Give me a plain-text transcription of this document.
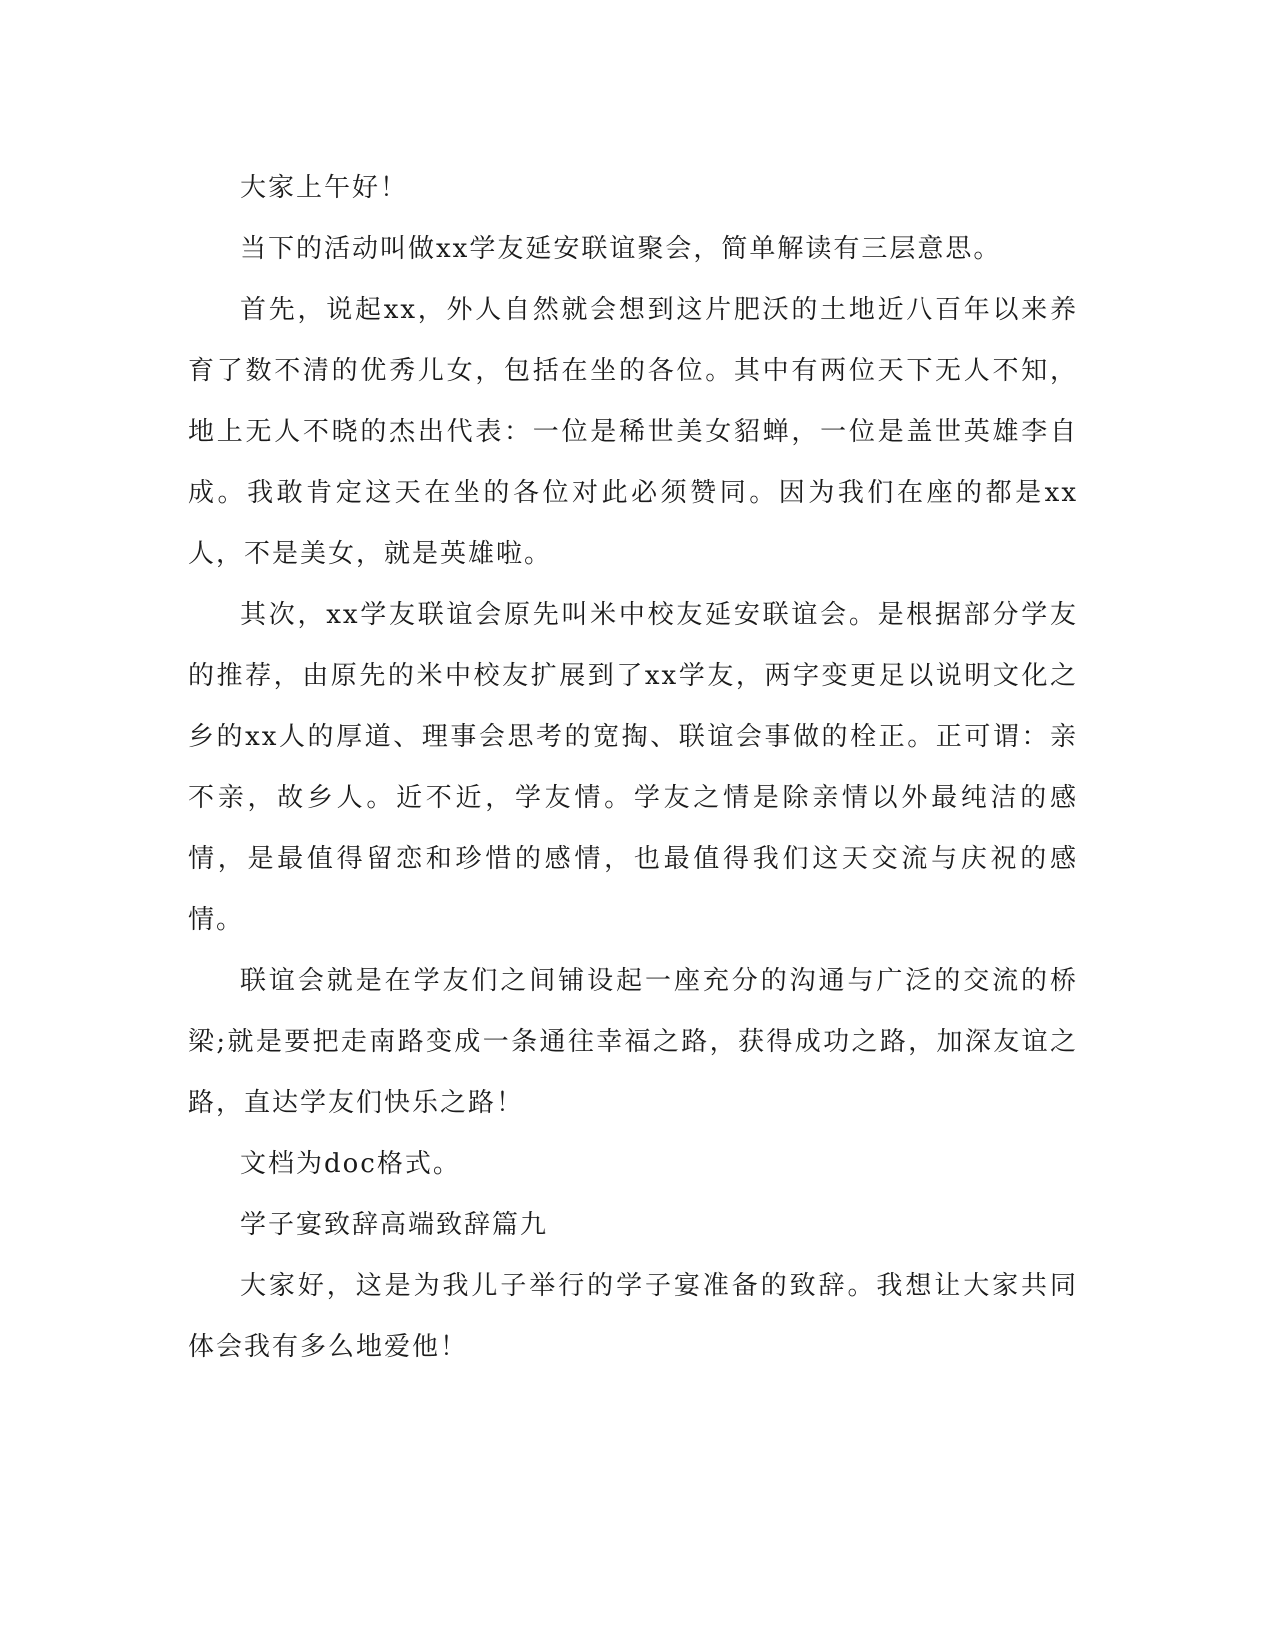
大家上午好！

当下的活动叫做xx学友延安联谊聚会，简单解读有三层意思。

首先，说起xx，外人自然就会想到这片肥沃的土地近八百年以来养育了数不清的优秀儿女，包括在坐的各位。其中有两位天下无人不知，地上无人不晓的杰出代表：一位是稀世美女貂蝉，一位是盖世英雄李自成。我敢肯定这天在坐的各位对此必须赞同。因为我们在座的都是xx人，不是美女，就是英雄啦。

其次，xx学友联谊会原先叫米中校友延安联谊会。是根据部分学友的推荐，由原先的米中校友扩展到了xx学友，两字变更足以说明文化之乡的xx人的厚道、理事会思考的宽掏、联谊会事做的栓正。正可谓：亲不亲，故乡人。近不近，学友情。学友之情是除亲情以外最纯洁的感情，是最值得留恋和珍惜的感情，也最值得我们这天交流与庆祝的感情。

联谊会就是在学友们之间铺设起一座充分的沟通与广泛的交流的桥梁;就是要把走南路变成一条通往幸福之路，获得成功之路，加深友谊之路，直达学友们快乐之路！

文档为doc格式。

学子宴致辞高端致辞篇九

大家好，这是为我儿子举行的学子宴准备的致辞。我想让大家共同体会我有多么地爱他！
